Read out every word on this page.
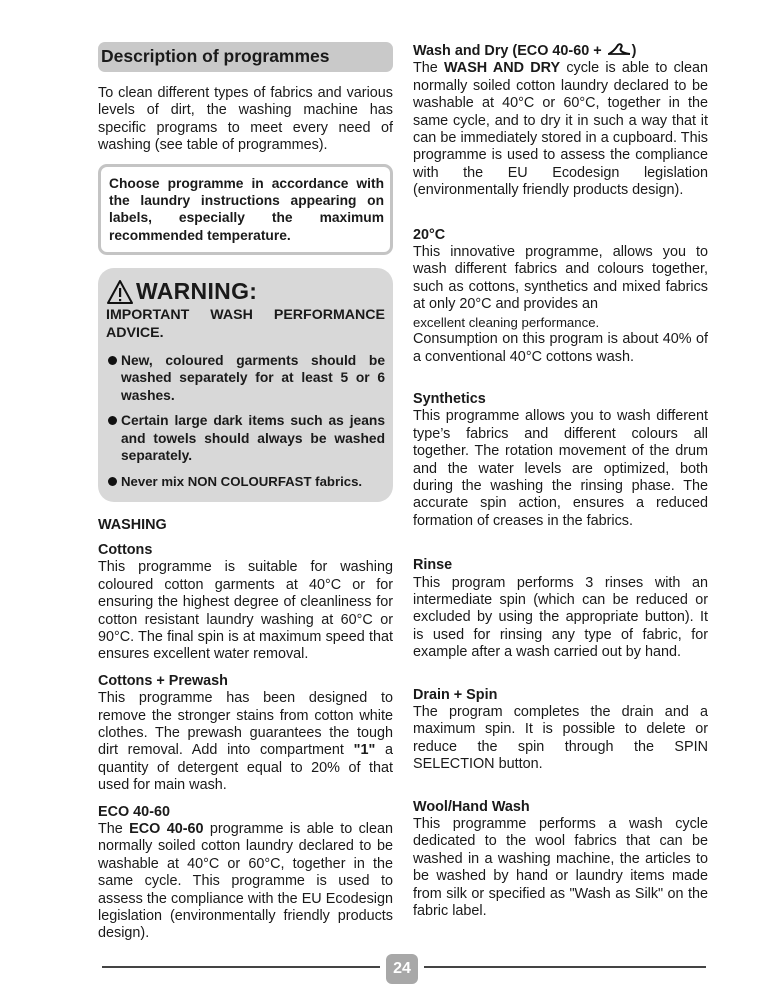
Description of programmes

To clean different types of fabrics and various levels of dirt, the washing machine has specific programs to meet every need of washing (see table of programmes).

Choose programme in accordance with the laundry instructions appearing on labels, especially the maximum recommended temperature.

WARNING:
IMPORTANT WASH PERFORMANCE ADVICE.

New, coloured garments should be washed separately for at least 5 or 6 washes.

Certain large dark items such as jeans and towels should always be washed separately.

Never mix NON COLOURFAST fabrics.

WASHING

Cottons

This programme is suitable for washing coloured cotton garments at 40°C or for ensuring the highest degree of cleanliness for cotton resistant laundry washing at 60°C or 90°C. The final spin is at maximum speed that ensures excellent water removal.

Cottons + Prewash

This programme has been designed to remove the stronger stains from cotton white clothes. The prewash guarantees the tough dirt removal. Add into compartment "1" a quantity of detergent equal to 20% of that used for main wash.

ECO 40-60

The ECO 40-60 programme is able to clean normally soiled cotton laundry declared to be washable at 40°C or 60°C, together in the same cycle. This programme is used to assess the compliance with the EU Ecodesign legislation (environmentally friendly products design).

Wash and Dry (ECO 40-60 + )

The WASH AND DRY cycle is able to clean normally soiled cotton laundry declared to be washable at 40°C or 60°C, together in the same cycle, and to dry it in such a way that it can be immediately stored in a cupboard. This programme is used to assess the compliance with the EU Ecodesign legislation (environmentally friendly products design).

20°C

This innovative programme, allows you to wash different fabrics and colours together, such as cottons, synthetics and mixed fabrics at only 20°C and provides an

excellent cleaning performance.

Consumption on this program is about 40% of a conventional 40°C cottons wash.

Synthetics

This programme allows you to wash different type’s fabrics and different colours all together. The rotation movement of the drum and the water levels are optimized, both during the washing the rinsing phase. The accurate spin action, ensures a reduced formation of creases in the fabrics.

Rinse

This program performs 3 rinses with an intermediate spin (which can be reduced or excluded by using the appropriate button). It is used for rinsing any type of fabric, for example after a wash carried out by hand.

Drain + Spin

The program completes the drain and a maximum spin. It is possible to delete or reduce the spin through the SPIN SELECTION button.

Wool/Hand Wash

This programme performs a wash cycle dedicated to the wool fabrics that can be washed in a washing machine, the articles to be washed by hand or laundry items made from silk or specified as "Wash as Silk" on the fabric label.

24
